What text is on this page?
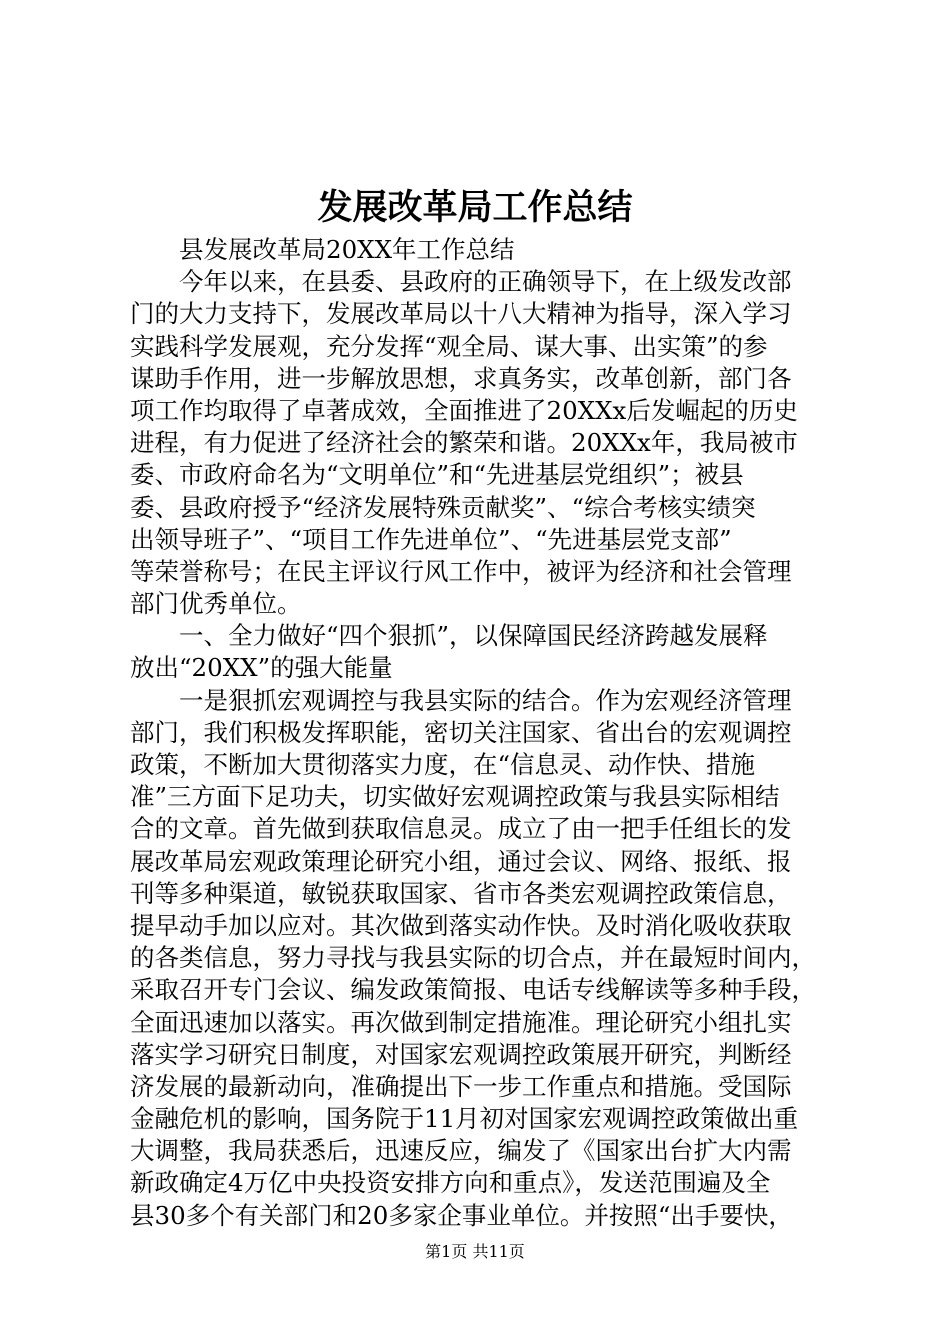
发展改革局工作总结
　　县发展改革局20XX年工作总结
　　今年以来，在县委、县政府的正确领导下，在上级发改部
门的大力支持下，发展改革局以十八大精神为指导，深入学习
实践科学发展观，充分发挥“观全局、谋大事、出实策”的参
谋助手作用，进一步解放思想，求真务实，改革创新，部门各
项工作均取得了卓著成效，全面推进了20XXx后发崛起的历史
进程，有力促进了经济社会的繁荣和谐。20XXx年，我局被市
委、市政府命名为“文明单位”和“先进基层党组织”；被县
委、县政府授予“经济发展特殊贡献奖”、“综合考核实绩突
出领导班子”、“项目工作先进单位”、“先进基层党支部”
等荣誉称号；在民主评议行风工作中，被评为经济和社会管理
部门优秀单位。
　　一、全力做好“四个狠抓”，以保障国民经济跨越发展释
放出“20XX”的强大能量
　　一是狠抓宏观调控与我县实际的结合。作为宏观经济管理
部门，我们积极发挥职能，密切关注国家、省出台的宏观调控
政策，不断加大贯彻落实力度，在“信息灵、动作快、措施
准”三方面下足功夫，切实做好宏观调控政策与我县实际相结
合的文章。首先做到获取信息灵。成立了由一把手任组长的发
展改革局宏观政策理论研究小组，通过会议、网络、报纸、报
刊等多种渠道，敏锐获取国家、省市各类宏观调控政策信息，
提早动手加以应对。其次做到落实动作快。及时消化吸收获取
的各类信息，努力寻找与我县实际的切合点，并在最短时间内，
采取召开专门会议、编发政策简报、电话专线解读等多种手段，
全面迅速加以落实。再次做到制定措施准。理论研究小组扎实
落实学习研究日制度，对国家宏观调控政策展开研究，判断经
济发展的最新动向，准确提出下一步工作重点和措施。受国际
金融危机的影响，国务院于11月初对国家宏观调控政策做出重
大调整，我局获悉后，迅速反应，编发了《国家出台扩大内需
新政确定4万亿中央投资安排方向和重点》，发送范围遍及全
县30多个有关部门和20多家企事业单位。并按照“出手要快，
第1页 共11页
